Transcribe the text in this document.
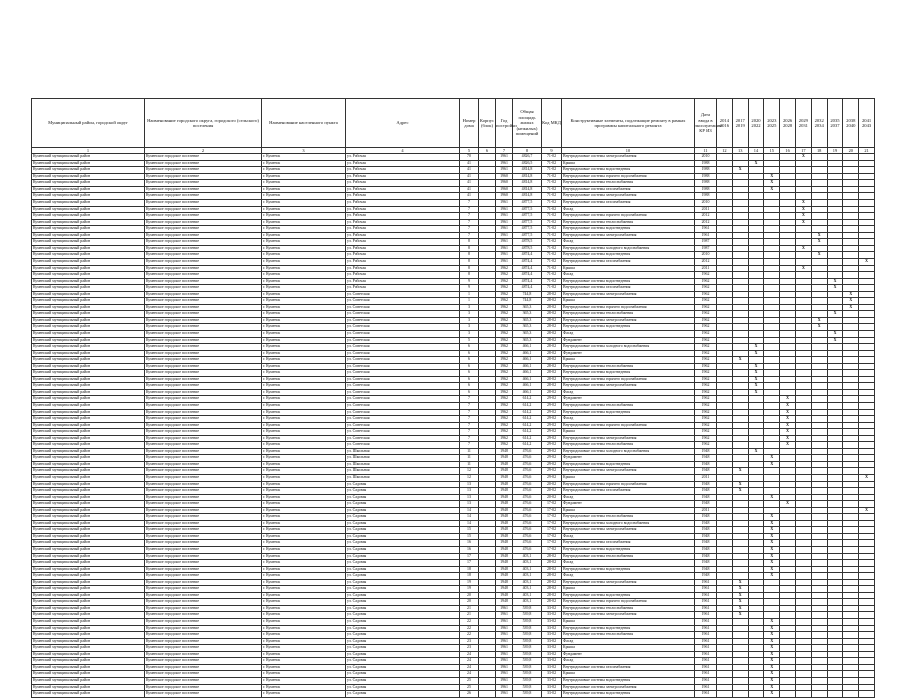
Муниципальный район, городской округ	Наименование городского округа, городского (сельского) поселения	Наименование населенного пункта	Адрес	Номер дома	Корпус (блок)	Год постройки	Общая площадь жилых (нежилых) помещений	Код МКД	Конструктивные элементы, подлежащие ремонту в рамках программы капитального ремонта	Дата ввода в эксплуатацию КР ИЗ	2014 2016	2017 2019	2020 2022	2023 2025	2026 2028	2029 2031	2032 2034	2035 2037	2038 2040	2041 2043
1	2	3	4	5	6	7	8	9	10	11	12	13	14	15	16	17	18	19	20	21
Куменский муниципальный район	Куменское городское поселение	г. Куменск	ул. Рабочая	70		1961	4826,7	71-02	Внутридомовые системы электроснабжения	2010						X				
Куменский муниципальный район	Куменское городское поселение	г. Куменск	ул. Рабочая	41		1961	4826,5	71-02	Крыша	1988			X							
Куменский муниципальный район	Куменское городское поселение	г. Куменск	ул. Рабочая	41		1961	4814,8	71-02	Внутридомовые системы водоотведения	1988		X								
Куменский муниципальный район	Куменское городское поселение	г. Куменск	ул. Рабочая	41		1960	4814,8	71-02	Внутридомовые системы горячего водоснабжения	1988				X						
Куменский муниципальный район	Куменское городское поселение	г. Куменск	ул. Рабочая	41		1960	4814,8	71-02	Внутридомовые системы теплоснабжения	1988				X						
Куменский муниципальный район	Куменское городское поселение	г. Куменск	ул. Рабочая	41		1960	4814,8	71-02	Внутридомовые системы газоснабжения	1988				X						
Куменский муниципальный район	Куменское городское поселение	г. Куменск	ул. Рабочая	41		1960	4814,8	71-02	Внутридомовые системы электроснабжения	1988										
Куменский муниципальный район	Куменское городское поселение	г. Куменск	ул. Рабочая	7		1961	4877,5	71-02	Внутридомовые системы газоснабжения	2010						X				
Куменский муниципальный район	Куменское городское поселение	г. Куменск	ул. Рабочая	7		1961	4877,5	71-02	Фасад	2011						X				
Куменский муниципальный район	Куменское городское поселение	г. Куменск	ул. Рабочая	7		1961	4877,5	71-02	Внутридомовые системы горячего водоснабжения	2012						X				
Куменский муниципальный район	Куменское городское поселение	г. Куменск	ул. Рабочая	7		1961	4877,5	71-02	Внутридомовые системы теплоснабжения	2012						X				
Куменский муниципальный район	Куменское городское поселение	г. Куменск	ул. Рабочая	7		1961	4877,5	71-02	Внутридомовые системы водоотведения	1961										
Куменский муниципальный район	Куменское городское поселение	г. Куменск	ул. Рабочая	7		1961	4877,5	71-02	Внутридомовые системы электроснабжения	1961							X			
Куменский муниципальный район	Куменское городское поселение	г. Куменск	ул. Рабочая	8		1961	4878,5	71-02	Фасад	1987							X			
Куменский муниципальный район	Куменское городское поселение	г. Куменск	ул. Рабочая	8		1961	4878,5	71-02	Внутридомовые системы холодного водоснабжения	1987						X				
Куменский муниципальный район	Куменское городское поселение	г. Куменск	ул. Рабочая	8		1961	4874,4	71-02	Внутридомовые системы водоотведения	2010							X			
Куменский муниципальный район	Куменское городское поселение	г. Куменск	ул. Рабочая	8		1961	4874,4	71-02	Внутридомовые системы газоснабжения	2012										X
Куменский муниципальный район	Куменское городское поселение	г. Куменск	ул. Рабочая	8		1962	4874,4	71-02	Крыша	2011						X				
Куменский муниципальный район	Куменское городское поселение	г. Куменск	ул. Рабочая	8		1962	4874,4	71-02	Фасад	1962										
Куменский муниципальный район	Куменское городское поселение	г. Куменск	ул. Рабочая	9		1962	4874,4	71-02	Внутридомовые системы водоотведения	1962								X		
Куменский муниципальный район	Куменское городское поселение	г. Куменск	ул. Рабочая	9		1962	4874,4	71-02	Внутридомовые системы газоснабжения	1962								X		
Куменский муниципальный район	Куменское городское поселение	г. Куменск	ул. Советская	1		1962	744,8	28-02	Внутридомовые системы электроснабжения	1962									X	
Куменский муниципальный район	Куменское городское поселение	г. Куменск	ул. Советская	1		1962	744,8	28-02	Крыша	1962									X	
Куменский муниципальный район	Куменское городское поселение	г. Куменск	ул. Советская	3		1962	365,3	28-02	Внутридомовые системы горячего водоснабжения	1962									X	
Куменский муниципальный район	Куменское городское поселение	г. Куменск	ул. Советская	3		1962	365,3	28-02	Внутридомовые системы теплоснабжения	1962								X		
Куменский муниципальный район	Куменское городское поселение	г. Куменск	ул. Советская	3		1962	365,3	28-02	Внутридомовые системы электроснабжения	1962							X			
Куменский муниципальный район	Куменское городское поселение	г. Куменск	ул. Советская	3		1962	365,3	28-02	Внутридомовые системы водоотведения	1962							X			
Куменский муниципальный район	Куменское городское поселение	г. Куменск	ул. Советская	3		1962	365,3	28-02	Фасад	1962								X		
Куменский муниципальный район	Куменское городское поселение	г. Куменск	ул. Советская	5		1962	365,3	28-02	Фундамент	1962								X		
Куменский муниципальный район	Куменское городское поселение	г. Куменск	ул. Советская	6		1962	466,1	28-02	Внутридомовые системы холодного водоснабжения	1962			X							
Куменский муниципальный район	Куменское городское поселение	г. Куменск	ул. Советская	6		1962	466,1	28-02	Фундамент	1962			X							
Куменский муниципальный район	Куменское городское поселение	г. Куменск	ул. Советская	6		1962	466,1	28-02	Крыша	1962		X								
Куменский муниципальный район	Куменское городское поселение	г. Куменск	ул. Советская	6		1962	466,1	28-02	Внутридомовые системы теплоснабжения	1962			X							
Куменский муниципальный район	Куменское городское поселение	г. Куменск	ул. Советская	6		1962	466,1	28-02	Внутридомовые системы водоотведения	1962			X							
Куменский муниципальный район	Куменское городское поселение	г. Куменск	ул. Советская	6		1962	466,1	28-02	Внутридомовые системы горячего водоснабжения	1962			X							
Куменский муниципальный район	Куменское городское поселение	г. Куменск	ул. Советская	6		1962	466,1	28-02	Внутридомовые системы электроснабжения	1962			X							
Куменский муниципальный район	Куменское городское поселение	г. Куменск	ул. Советская	6		1962	466,1	28-02	Фасад	1962			X							
Куменский муниципальный район	Куменское городское поселение	г. Куменск	ул. Советская	7		1962	614,2	29-02	Фундамент	1962					X					
Куменский муниципальный район	Куменское городское поселение	г. Куменск	ул. Советская	7		1962	614,2	29-02	Внутридомовые системы теплоснабжения	1962					X					
Куменский муниципальный район	Куменское городское поселение	г. Куменск	ул. Советская	7		1962	614,2	29-02	Внутридомовые системы водоотведения	1962					X					
Куменский муниципальный район	Куменское городское поселение	г. Куменск	ул. Советская	7		1962	614,2	29-02	Фасад	1962					X					
Куменский муниципальный район	Куменское городское поселение	г. Куменск	ул. Советская	7		1962	614,2	29-02	Внутридомовые системы горячего водоснабжения	1962					X					
Куменский муниципальный район	Куменское городское поселение	г. Куменск	ул. Советская	7		1962	614,2	29-02	Крыша	1962					X					
Куменский муниципальный район	Куменское городское поселение	г. Куменск	ул. Советская	7		1962	614,2	29-02	Внутридомовые системы электроснабжения	1962					X					
Куменский муниципальный район	Куменское городское поселение	г. Куменск	ул. Советская	7		1962	614,2	29-02	Внутридомовые системы теплоснабжения	1962					X					
Куменский муниципальный район	Куменское городское поселение	г. Куменск	ул. Школьная	11		1948	476,6	29-02	Внутридомовые системы холодного водоснабжения	1948			X							
Куменский муниципальный район	Куменское городское поселение	г. Куменск	ул. Школьная	11		1948	476,6	29-02	Фундамент	1948				X						
Куменский муниципальный район	Куменское городское поселение	г. Куменск	ул. Школьная	11		1948	476,6	29-02	Внутридомовые системы водоотведения	1948				X						
Куменский муниципальный район	Куменское городское поселение	г. Куменск	ул. Школьная	12		1948	476,6	29-02	Внутридомовые системы электроснабжения	1948		X								
Куменский муниципальный район	Куменское городское поселение	г. Куменск	ул. Школьная	12		1948	476,6	29-02	Крыша	2011										X
Куменский муниципальный район	Куменское городское поселение	г. Куменск	ул. Садовая	13		1948	476,6	20-02	Внутридомовые системы горячего водоснабжения	1948		X								
Куменский муниципальный район	Куменское городское поселение	г. Куменск	ул. Садовая	13		1948	476,6	20-02	Внутридомовые системы газоснабжения	1948		X								
Куменский муниципальный район	Куменское городское поселение	г. Куменск	ул. Садовая	13		1948	476,6	20-02	Фасад	1948				X						
Куменский муниципальный район	Куменское городское поселение	г. Куменск	ул. Садовая	13		1948	476,6	17-02	Фундамент	1948					X					
Куменский муниципальный район	Куменское городское поселение	г. Куменск	ул. Садовая	14		1948	476,6	17-02	Крыша	2011										X
Куменский муниципальный район	Куменское городское поселение	г. Куменск	ул. Садовая	14		1948	476,6	17-02	Внутридомовые системы теплоснабжения	1948				X						
Куменский муниципальный район	Куменское городское поселение	г. Куменск	ул. Садовая	14		1948	476,6	17-02	Внутридомовые системы холодного водоснабжения	1948				X						
Куменский муниципальный район	Куменское городское поселение	г. Куменск	ул. Садовая	15		1948	476,6	17-02	Внутридомовые системы электроснабжения	1948				X						
Куменский муниципальный район	Куменское городское поселение	г. Куменск	ул. Садовая	15		1948	476,6	17-02	Фасад	1948				X						
Куменский муниципальный район	Куменское городское поселение	г. Куменск	ул. Садовая	16		1948	476,6	17-02	Внутридомовые системы газоснабжения	1948				X						
Куменский муниципальный район	Куменское городское поселение	г. Куменск	ул. Садовая	16		1948	476,6	17-02	Внутридомовые системы водоотведения	1948				X						
Куменский муниципальный район	Куменское городское поселение	г. Куменск	ул. Садовая	17		1948	403,1	28-02	Внутридомовые системы теплоснабжения	1948				X						
Куменский муниципальный район	Куменское городское поселение	г. Куменск	ул. Садовая	17		1948	403,1	28-02	Фасад	1948				X						
Куменский муниципальный район	Куменское городское поселение	г. Куменск	ул. Садовая	18		1948	403,1	28-02	Внутридомовые системы водоотведения	1948				X						
Куменский муниципальный район	Куменское городское поселение	г. Куменск	ул. Садовая	18		1948	403,1	28-02	Фасад	1948				X						
Куменский муниципальный район	Куменское городское поселение	г. Куменск	ул. Садовая	19		1948	403,1	28-02	Внутридомовые системы электроснабжения	1961		X								
Куменский муниципальный район	Куменское городское поселение	г. Куменск	ул. Садовая	19		1948	403,1	28-02	Крыша	1961		X								
Куменский муниципальный район	Куменское городское поселение	г. Куменск	ул. Садовая	20		1948	403,1	28-02	Внутридомовые системы водоотведения	1961		X								
Куменский муниципальный район	Куменское городское поселение	г. Куменск	ул. Садовая	20		1948	403,1	28-02	Внутридомовые системы горячего водоснабжения	1961		X								
Куменский муниципальный район	Куменское городское поселение	г. Куменск	ул. Садовая	21		1961	539,8	33-02	Внутридомовые системы теплоснабжения	1961		X								
Куменский муниципальный район	Куменское городское поселение	г. Куменск	ул. Садовая	21		1961	539,8	33-02	Внутридомовые системы электроснабжения	1961		X								
Куменский муниципальный район	Куменское городское поселение	г. Куменск	ул. Садовая	22		1961	539,8	33-02	Крыша	1961				X						
Куменский муниципальный район	Куменское городское поселение	г. Куменск	ул. Садовая	22		1961	539,8	33-02	Внутридомовые системы водоотведения	1961				X						
Куменский муниципальный район	Куменское городское поселение	г. Куменск	ул. Садовая	22		1961	539,8	33-02	Внутридомовые системы теплоснабжения	1961				X						
Куменский муниципальный район	Куменское городское поселение	г. Куменск	ул. Садовая	23		1961	539,8	33-02	Фасад	1961				X						
Куменский муниципальный район	Куменское городское поселение	г. Куменск	ул. Садовая	23		1961	539,8	33-02	Крыша	1961				X						
Куменский муниципальный район	Куменское городское поселение	г. Куменск	ул. Садовая	24		1961	539,8	33-02	Фундамент	1961				X						
Куменский муниципальный район	Куменское городское поселение	г. Куменск	ул. Садовая	24		1961	539,8	33-02	Фасад	1961				X						
Куменский муниципальный район	Куменское городское поселение	г. Куменск	ул. Садовая	24		1961	539,8	33-02	Внутридомовые системы газоснабжения	1961				X						
Куменский муниципальный район	Куменское городское поселение	г. Куменск	ул. Садовая	24		1961	539,8	33-02	Крыша	1961				X						
Куменский муниципальный район	Куменское городское поселение	г. Куменск	ул. Садовая	25		1961	539,8	33-02	Внутридомовые системы водоотведения	1961				X						
Куменский муниципальный район	Куменское городское поселение	г. Куменск	ул. Садовая	25		1961	539,8	33-02	Внутридомовые системы электроснабжения	1961				X						
Куменский муниципальный район	Куменское городское поселение	г. Куменск	ул. Садовая	26		1961	539,8	33-02	Внутридомовые системы водоотведения	1961				X						
